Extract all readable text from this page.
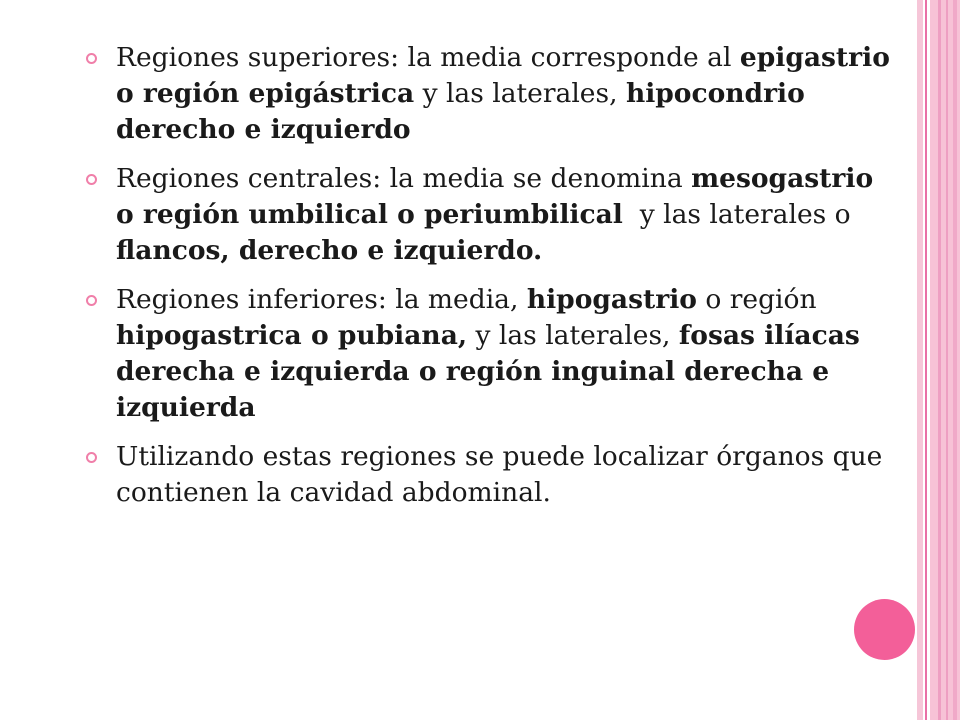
Regiones superiores: la media corresponde al epigastrio o región epigástrica y las laterales, hipocondrio derecho e izquierdo
Regiones centrales: la media se denomina mesogastrio o región umbilical o periumbilical  y las laterales o flancos, derecho e izquierdo.
Regiones inferiores: la media, hipogastrio o región hipogastrica o pubiana, y las laterales, fosas ilíacas derecha e izquierda o región inguinal derecha e izquierda
Utilizando estas regiones se puede localizar órganos que contienen la cavidad abdominal.
